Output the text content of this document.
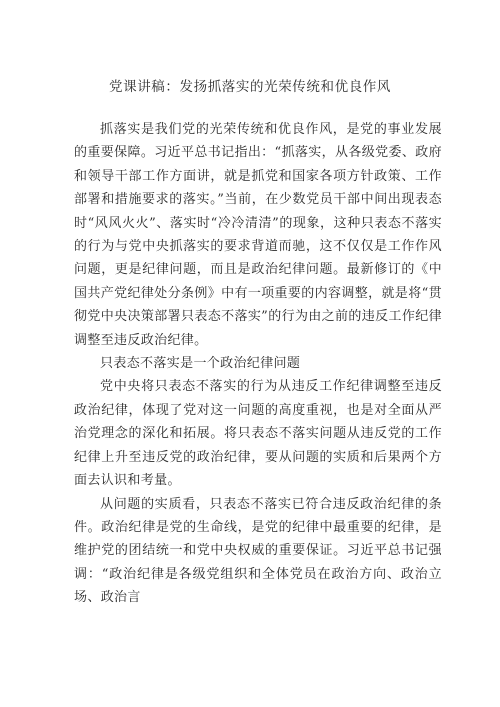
党课讲稿：发扬抓落实的光荣传统和优良作风

抓落实是我们党的光荣传统和优良作风，是党的事业发展的重要保障。习近平总书记指出：“抓落实，从各级党委、政府和领导干部工作方面讲，就是抓党和国家各项方针政策、工作部署和措施要求的落实。”当前，在少数党员干部中间出现表态时“风风火火”、落实时“冷冷清清”的现象，这种只表态不落实的行为与党中央抓落实的要求背道而驰，这不仅仅是工作作风问题，更是纪律问题，而且是政治纪律问题。最新修订的《中国共产党纪律处分条例》中有一项重要的内容调整，就是将“贯彻党中央决策部署只表态不落实”的行为由之前的违反工作纪律调整至违反政治纪律。

只表态不落实是一个政治纪律问题

党中央将只表态不落实的行为从违反工作纪律调整至违反政治纪律，体现了党对这一问题的高度重视，也是对全面从严治党理念的深化和拓展。将只表态不落实问题从违反党的工作纪律上升至违反党的政治纪律，要从问题的实质和后果两个方面去认识和考量。

从问题的实质看，只表态不落实已符合违反政治纪律的条件。政治纪律是党的生命线，是党的纪律中最重要的纪律，是维护党的团结统一和党中央权威的重要保证。习近平总书记强调：“政治纪律是各级党组织和全体党员在政治方向、政治立场、政治言
